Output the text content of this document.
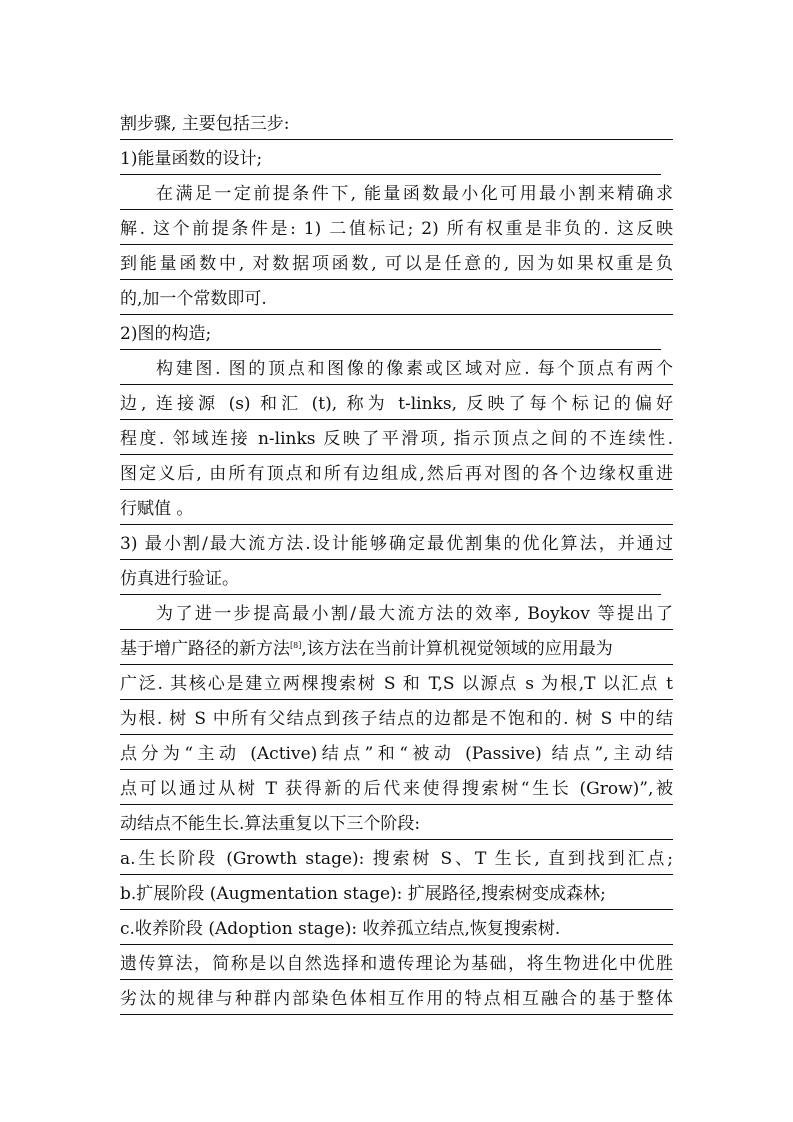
割步骤, 主要包括三步:
1)能量函数的设计;
在满足一定前提条件下, 能量函数最小化可用最小割来精确求
解. 这个前提条件是: 1) 二值标记; 2) 所有权重是非负的. 这反映
到能量函数中, 对数据项函数, 可以是任意的, 因为如果权重是负
的,加一个常数即可.
2)图的构造;
构建图. 图的顶点和图像的像素或区域对应. 每个顶点有两个
边, 连接源 (s) 和汇 (t), 称为 t-links, 反映了每个标记的偏好
程度. 邻域连接 n-links 反映了平滑项, 指示顶点之间的不连续性.
图定义后, 由所有顶点和所有边组成,然后再对图的各个边缘权重进
行赋值 。
3) 最小割/最大流方法.设计能够确定最优割集的优化算法，并通过
仿真进行验证。
为了进一步提高最小割/最大流方法的效率, Boykov 等提出了
基于增广路径的新方法[8],该方法在当前计算机视觉领域的应用最为
广泛. 其核心是建立两棵搜索树 S 和 T,S 以源点 s 为根,T 以汇点 t
为根. 树 S 中所有父结点到孩子结点的边都是不饱和的. 树 S 中的结
点分为“主动 (Active)结点”和“被动 (Passive) 结点”,主动结
点可以通过从树 T 获得新的后代来使得搜索树“生长 (Grow)”,被
动结点不能生长.算法重复以下三个阶段:
a.生长阶段 (Growth stage): 搜索树 S、T 生长, 直到找到汇点;
b.扩展阶段 (Augmentation stage): 扩展路径,搜索树变成森林;
c.收养阶段 (Adoption stage): 收养孤立结点,恢复搜索树.
遗传算法，简称是以自然选择和遗传理论为基础，将生物进化中优胜
劣汰的规律与种群内部染色体相互作用的特点相互融合的基于整体
